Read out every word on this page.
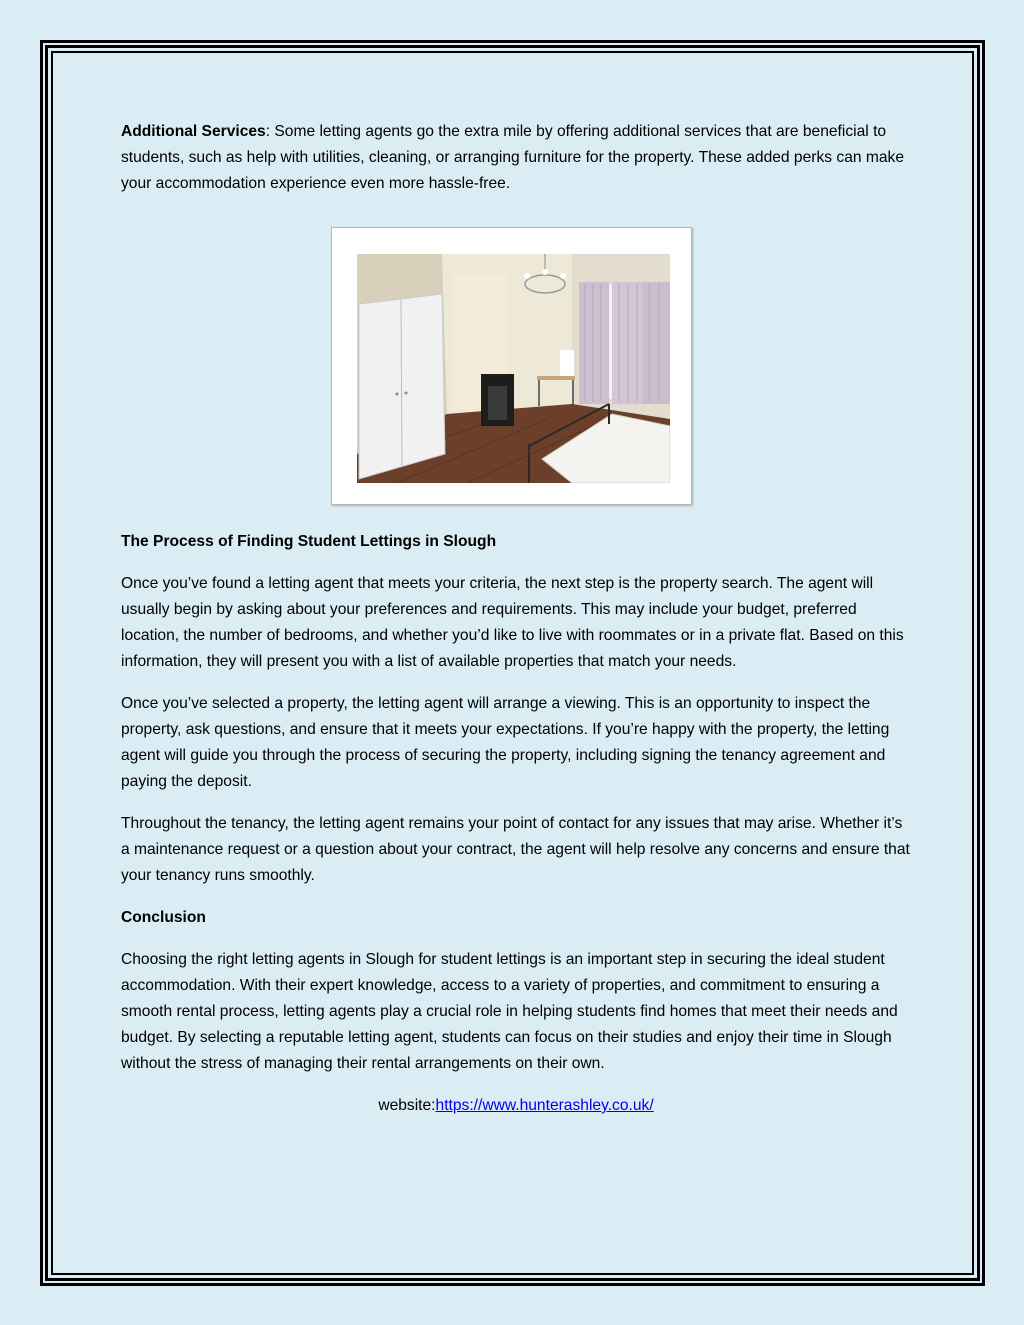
Additional Services: Some letting agents go the extra mile by offering additional services that are beneficial to students, such as help with utilities, cleaning, or arranging furniture for the property. These added perks can make your accommodation experience even more hassle-free.

The Process of Finding Student Lettings in Slough

Once you’ve found a letting agent that meets your criteria, the next step is the property search. The agent will usually begin by asking about your preferences and requirements. This may include your budget, preferred location, the number of bedrooms, and whether you’d like to live with roommates or in a private flat. Based on this information, they will present you with a list of available properties that match your needs.

Once you’ve selected a property, the letting agent will arrange a viewing. This is an opportunity to inspect the property, ask questions, and ensure that it meets your expectations. If you’re happy with the property, the letting agent will guide you through the process of securing the property, including signing the tenancy agreement and paying the deposit.

Throughout the tenancy, the letting agent remains your point of contact for any issues that may arise. Whether it’s a maintenance request or a question about your contract, the agent will help resolve any concerns and ensure that your tenancy runs smoothly.

Conclusion

Choosing the right letting agents in Slough for student lettings is an important step in securing the ideal student accommodation. With their expert knowledge, access to a variety of properties, and commitment to ensuring a smooth rental process, letting agents play a crucial role in helping students find homes that meet their needs and budget. By selecting a reputable letting agent, students can focus on their studies and enjoy their time in Slough without the stress of managing their rental arrangements on their own.

website:https://www.hunterashley.co.uk/
